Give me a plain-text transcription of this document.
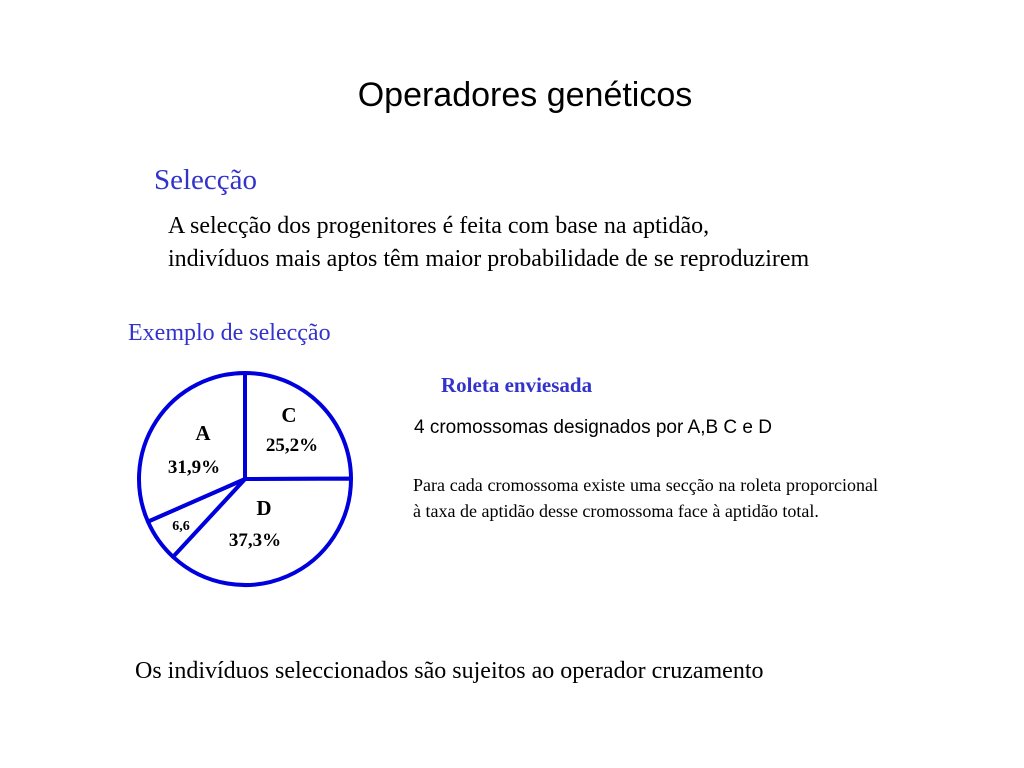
Operadores genéticos
Selecção
A selecção dos progenitores é feita com base na aptidão,
indivíduos mais aptos têm maior probabilidade de se reproduzirem
Exemplo de selecção
Roleta enviesada
4 cromossomas designados por A,B C e D
Para cada cromossoma existe uma secção na roleta proporcional à taxa de aptidão desse cromossoma face à aptidão total.
Os indivíduos seleccionados são sujeitos ao operador cruzamento
C
25,2%
D
37,3%
6,6
A
31,9%
